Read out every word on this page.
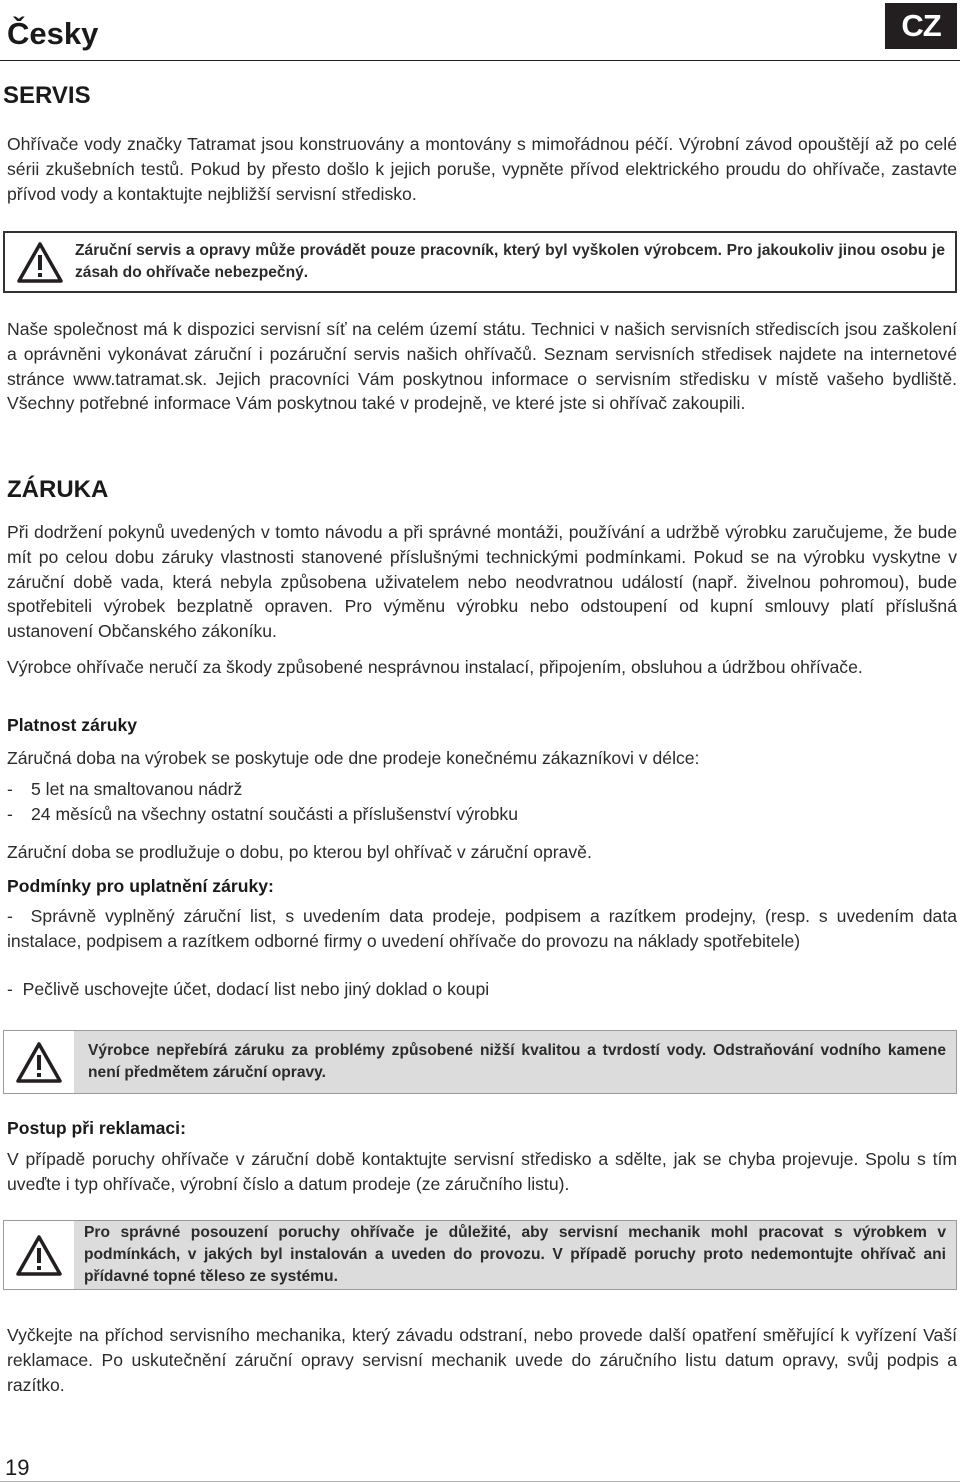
Česky	CZ
SERVIS

Ohřívače vody značky Tatramat jsou konstruovány a montovány s mimořádnou péčí. Výrobní závod opouštějí až po celé sérii zkušebních testů. Pokud by přesto došlo k jejich poruše, vypněte přívod elektrického proudu do ohřívače, zastavte přívod vody a kontaktujte nejbližší servisní středisko.

Záruční servis a opravy může provádět pouze pracovník, který byl vyškolen výrobcem. Pro jakoukoliv jinou osobu je zásah do ohřívače nebezpečný.

Naše společnost má k dispozici servisní síť na celém území státu. Technici v našich servisních střediscích jsou zaškolení a oprávněni vykonávat záruční i pozáruční servis našich ohřívačů. Seznam servisních středisek najdete na internetové stránce www.tatramat.sk. Jejich pracovníci Vám poskytnou informace o servisním středisku v místě vašeho bydliště. Všechny potřebné informace Vám poskytnou také v prodejně, ve které jste si ohřívač zakoupili.

ZÁRUKA

Při dodržení pokynů uvedených v tomto návodu a při správné montáži, používání a udržbě výrobku zaručujeme, že bude mít po celou dobu záruky vlastnosti stanovené příslušnými technickými podmínkami. Pokud se na výrobku vyskytne v záruční době vada, která nebyla způsobena uživatelem nebo neodvratnou událostí (např. živelnou pohromou), bude spotřebiteli výrobek bezplatně opraven. Pro výměnu výrobku nebo odstoupení od kupní smlouvy platí příslušná ustanovení Občanského zákoníku.

Výrobce ohřívače neručí za škody způsobené nesprávnou instalací, připojením, obsluhou a údržbou ohřívače.

Platnost záruky
Záručná doba na výrobek se poskytuje ode dne prodeje konečnému zákazníkovi v délce:
- 5 let na smaltovanou nádrž
- 24 měsíců na všechny ostatní součásti a příslušenství výrobku
Záruční doba se prodlužuje o dobu, po kterou byl ohřívač v záruční opravě.
Podmínky pro uplatnění záruky:
-  Správně vyplněný záruční list, s uvedením data prodeje, podpisem a razítkem prodejny, (resp. s uvedením data instalace, podpisem a razítkem odborné firmy o uvedení ohřívače do provozu na náklady spotřebitele)
-  Pečlivě uschovejte účet, dodací list nebo jiný doklad o koupi
Výrobce nepřebírá záruku za problémy způsobené nižší kvalitou a tvrdostí vody. Odstraňování vodního kamene není předmětem záruční opravy.
Postup při reklamaci:

V případě poruchy ohřívače v záruční době kontaktujte servisní středisko a sdělte, jak se chyba projevuje. Spolu s tím uveďte i typ ohřívače, výrobní číslo a datum prodeje (ze záručního listu).

Pro správné posouzení poruchy ohřívače je důležité, aby servisní mechanik mohl pracovat s výrobkem v podmínkách, v jakých byl instalován a uveden do provozu. V případě poruchy proto nedemontujte ohřívač ani přídavné topné těleso ze systému.

Vyčkejte na příchod servisního mechanika, který závadu odstraní, nebo provede další opatření směřující k vyřízení Vaší reklamace. Po uskutečnění záruční opravy servisní mechanik uvede do záručního listu datum opravy, svůj podpis a razítko.

19
